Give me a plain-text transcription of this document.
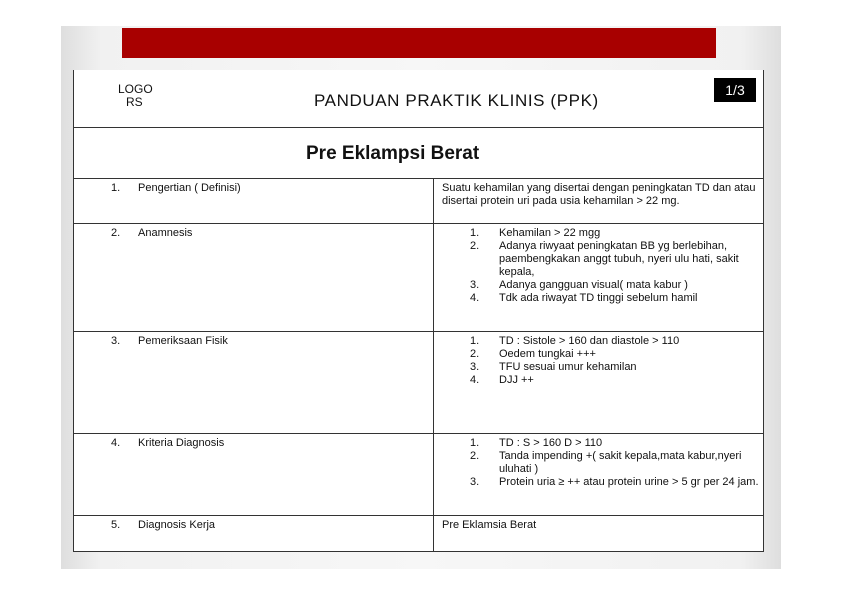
LOGO
RS	PANDUAN PRAKTIK KLINIS (PPK)
1/3
Pre Eklampsi Berat
1. Pengertian ( Definisi)	Suatu kehamilan yang disertai dengan peningkatan TD dan atau disertai protein uri pada usia kehamilan > 22 mg.

2. Anamnesis	1. Kehamilan > 22 mgg
2. Adanya riwyaat peningkatan BB yg berlebihan, paembengkakan anggt tubuh, nyeri ulu hati, sakit kepala,
3. Adanya gangguan visual( mata kabur )
4. Tdk ada riwayat TD tinggi sebelum hamil
3. Pemeriksaan Fisik	1. TD : Sistole > 160 dan diastole > 110
2. Oedem tungkai +++
3. TFU sesuai umur kehamilan
4. DJJ ++
4. Kriteria Diagnosis	1. TD : S > 160 D > 110
2. Tanda impending +( sakit kepala,mata kabur,nyeri uluhati )
3. Protein uria ≥ ++ atau protein urine > 5 gr per 24 jam.
5. Diagnosis Kerja	Pre Eklamsia Berat
